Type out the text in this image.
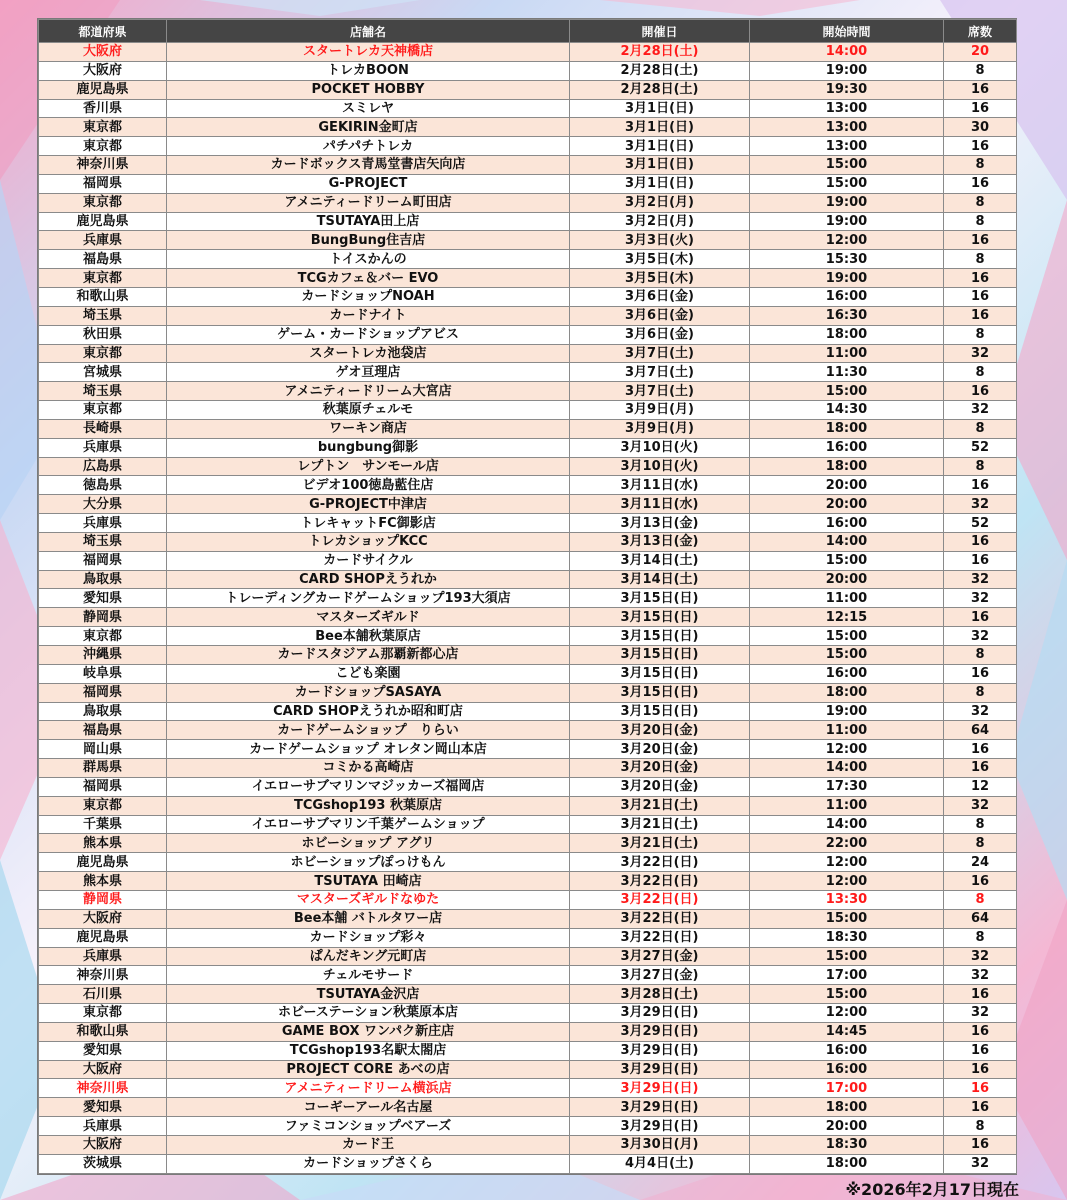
都道府県	店舗名	開催日	開始時間	席数
大阪府	スタートレカ天神橋店	2月28日(土)	14:00	20
大阪府	トレカBOON	2月28日(土)	19:00	8
鹿児島県	POCKET HOBBY	2月28日(土)	19:30	16
香川県	スミレヤ	3月1日(日)	13:00	16
東京都	GEKIRIN金町店	3月1日(日)	13:00	30
東京都	パチパチトレカ	3月1日(日)	13:00	16
神奈川県	カードボックス青馬堂書店矢向店	3月1日(日)	15:00	8
福岡県	G-PROJECT	3月1日(日)	15:00	16
東京都	アメニティードリーム町田店	3月2日(月)	19:00	8
鹿児島県	TSUTAYA田上店	3月2日(月)	19:00	8
兵庫県	BungBung住吉店	3月3日(火)	12:00	16
福島県	トイスかんの	3月5日(木)	15:30	8
東京都	TCGカフェ＆バー EVO	3月5日(木)	19:00	16
和歌山県	カードショップNOAH	3月6日(金)	16:00	16
埼玉県	カードナイト	3月6日(金)	16:30	16
秋田県	ゲーム・カードショップアビス	3月6日(金)	18:00	8
東京都	スタートレカ池袋店	3月7日(土)	11:00	32
宮城県	ゲオ亘理店	3月7日(土)	11:30	8
埼玉県	アメニティードリーム大宮店	3月7日(土)	15:00	16
東京都	秋葉原チェルモ	3月9日(月)	14:30	32
長崎県	ワーキン商店	3月9日(月)	18:00	8
兵庫県	bungbung御影	3月10日(火)	16:00	52
広島県	レプトン　サンモール店	3月10日(火)	18:00	8
徳島県	ビデオ100徳島藍住店	3月11日(水)	20:00	16
大分県	G-PROJECT中津店	3月11日(水)	20:00	32
兵庫県	トレキャットFC御影店	3月13日(金)	16:00	52
埼玉県	トレカショップKCC	3月13日(金)	14:00	16
福岡県	カードサイクル	3月14日(土)	15:00	16
鳥取県	CARD SHOPえうれか	3月14日(土)	20:00	32
愛知県	トレーディングカードゲームショップ193大須店	3月15日(日)	11:00	32
静岡県	マスターズギルド	3月15日(日)	12:15	16
東京都	Bee本舗秋葉原店	3月15日(日)	15:00	32
沖縄県	カードスタジアム那覇新都心店	3月15日(日)	15:00	8
岐阜県	こども楽園	3月15日(日)	16:00	16
福岡県	カードショップSASAYA	3月15日(日)	18:00	8
鳥取県	CARD SHOPえうれか昭和町店	3月15日(日)	19:00	32
福島県	カードゲームショップ　りらい	3月20日(金)	11:00	64
岡山県	カードゲームショップ オレタン岡山本店	3月20日(金)	12:00	16
群馬県	コミかる高崎店	3月20日(金)	14:00	16
福岡県	イエローサブマリンマジッカーズ福岡店	3月20日(金)	17:30	12
東京都	TCGshop193 秋葉原店	3月21日(土)	11:00	32
千葉県	イエローサブマリン千葉ゲームショップ	3月21日(土)	14:00	8
熊本県	ホビーショップ アグリ	3月21日(土)	22:00	8
鹿児島県	ホビーショップぽっけもん	3月22日(日)	12:00	24
熊本県	TSUTAYA 田崎店	3月22日(日)	12:00	16
静岡県	マスターズギルドなゆた	3月22日(日)	13:30	8
大阪府	Bee本舗 バトルタワー店	3月22日(日)	15:00	64
鹿児島県	カードショップ彩々	3月22日(日)	18:30	8
兵庫県	ぱんだキング元町店	3月27日(金)	15:00	32
神奈川県	チェルモサード	3月27日(金)	17:00	32
石川県	TSUTAYA金沢店	3月28日(土)	15:00	16
東京都	ホビーステーション秋葉原本店	3月29日(日)	12:00	32
和歌山県	GAME BOX ワンパク新庄店	3月29日(日)	14:45	16
愛知県	TCGshop193名駅太閤店	3月29日(日)	16:00	16
大阪府	PROJECT CORE あべの店	3月29日(日)	16:00	16
神奈川県	アメニティードリーム横浜店	3月29日(日)	17:00	16
愛知県	コーギーアール名古屋	3月29日(日)	18:00	16
兵庫県	ファミコンショップベアーズ	3月29日(日)	20:00	8
大阪府	カード王	3月30日(月)	18:30	16
茨城県	カードショップさくら	4月4日(土)	18:00	32
※2026年2月17日現在
